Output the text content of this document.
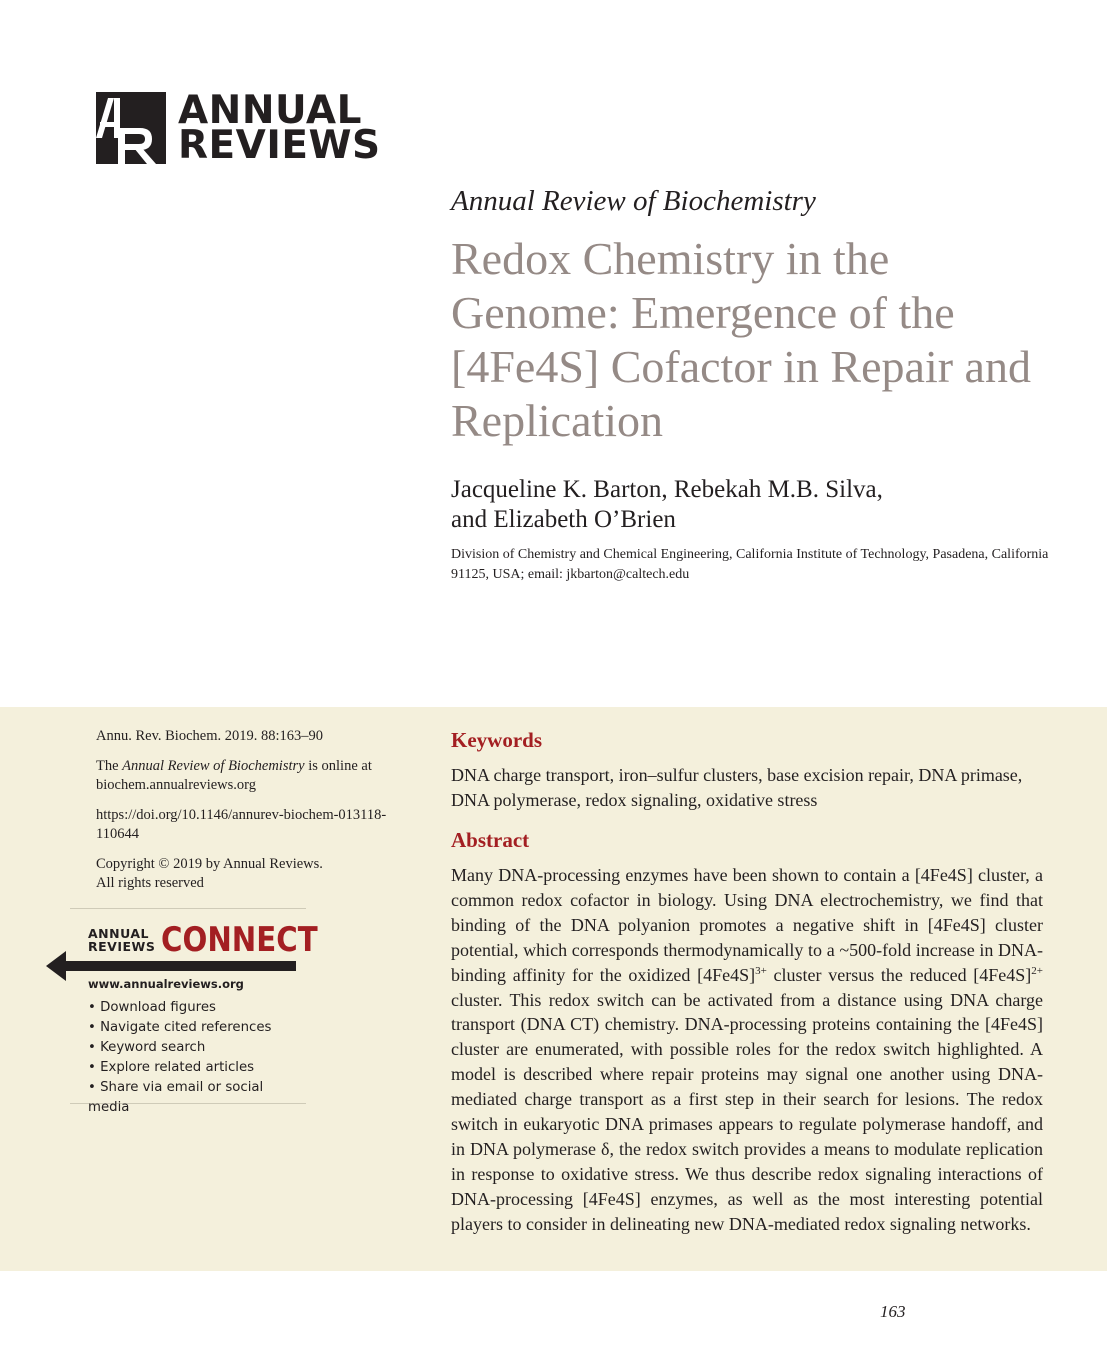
ANNUAL
REVIEWS
Annual Review of Biochemistry
Redox Chemistry in the Genome: Emergence of the [4Fe4S] Cofactor in Repair and Replication
Jacqueline K. Barton, Rebekah M.B. Silva,
and Elizabeth O’Brien
Division of Chemistry and Chemical Engineering, California Institute of Technology, Pasadena, California 91125, USA; email: jkbarton@caltech.edu

Annu. Rev. Biochem. 2019. 88:163–90

The Annual Review of Biochemistry is online at
biochem.annualreviews.org

https://doi.org/10.1146/annurev-biochem-013118-110644

Copyright © 2019 by Annual Reviews.
All rights reserved

ANNUAL
REVIEWS CONNECT
www.annualreviews.org
• Download figures
• Navigate cited references
• Keyword search
• Explore related articles
• Share via email or social media
Keywords

DNA charge transport, iron–sulfur clusters, base excision repair, DNA primase, DNA polymerase, redox signaling, oxidative stress

Abstract

Many DNA-processing enzymes have been shown to contain a [4Fe4S] cluster, a common redox cofactor in biology. Using DNA electrochemistry, we find that binding of the DNA polyanion promotes a negative shift in [4Fe4S] cluster potential, which corresponds thermodynamically to a ~500-fold increase in DNA-binding affinity for the oxidized $[4Fe4S]^{3+}$ cluster versus the reduced $[4Fe4S]^{2+}$ cluster. This redox switch can be activated from a distance using DNA charge transport (DNA CT) chemistry. DNA-processing proteins containing the [4Fe4S] cluster are enumerated, with possible roles for the redox switch highlighted. A model is described where repair proteins may signal one another using DNA-mediated charge transport as a first step in their search for lesions. The redox switch in eukaryotic DNA primases appears to regulate polymerase handoff, and in DNA polymerase δ, the redox switch provides a means to modulate replication in response to oxidative stress. We thus describe redox signaling interactions of DNA-processing [4Fe4S] enzymes, as well as the most interesting potential players to consider in delineating new DNA-mediated redox signaling networks.

163
